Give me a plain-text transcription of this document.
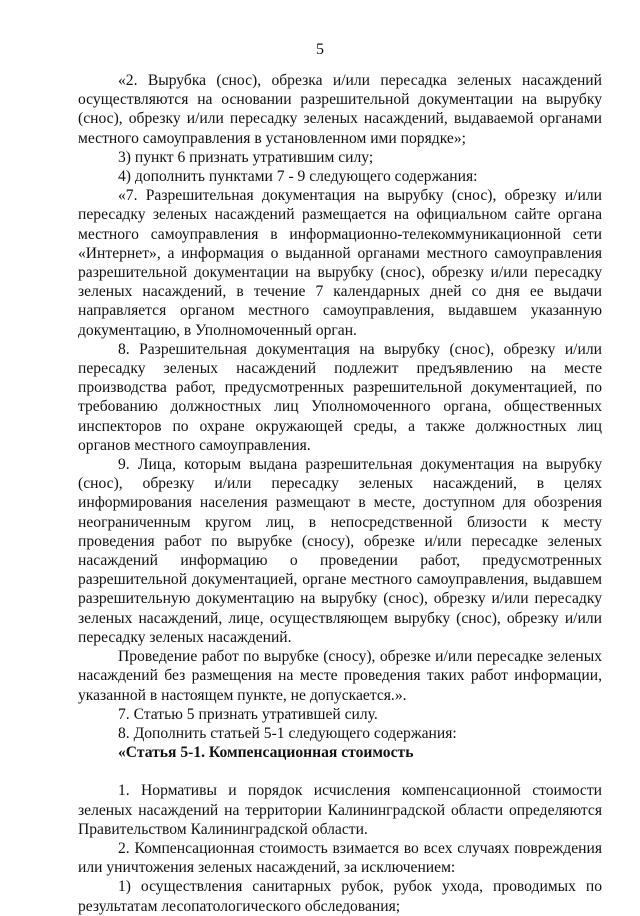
5

«2. Вырубка (снос), обрезка и/или пересадка зеленых насаждений осуществляются на основании разрешительной документации на вырубку (снос), обрезку и/или пересадку зеленых насаждений, выдаваемой органами местного самоуправления в установленном ими порядке»;

3) пункт 6 признать утратившим силу;

4) дополнить пунктами 7 - 9 следующего содержания:

«7. Разрешительная документация на вырубку (снос), обрезку и/или пересадку зеленых насаждений размещается на официальном сайте органа местного самоуправления в информационно-телекоммуникационной сети «Интернет», а информация о выданной органами местного самоуправления разрешительной документации на вырубку (снос), обрезку и/или пересадку зеленых насаждений, в течение 7 календарных дней со дня ее выдачи направляется органом местного самоуправления, выдавшем указанную документацию, в Уполномоченный орган.

8. Разрешительная документация на вырубку (снос), обрезку и/или пересадку зеленых насаждений подлежит предъявлению на месте производства работ, предусмотренных разрешительной документацией, по требованию должностных лиц Уполномоченного органа, общественных инспекторов по охране окружающей среды, а также должностных лиц органов местного самоуправления.

9. Лица, которым выдана разрешительная документация на вырубку (снос), обрезку и/или пересадку зеленых насаждений, в целях информирования населения размещают в месте, доступном для обозрения неограниченным кругом лиц, в непосредственной близости к месту проведения работ по вырубке (сносу), обрезке и/или пересадке зеленых насаждений информацию о проведении работ, предусмотренных разрешительной документацией, органе местного самоуправления, выдавшем разрешительную документацию на вырубку (снос), обрезку и/или пересадку зеленых насаждений, лице, осуществляющем вырубку (снос), обрезку и/или пересадку зеленых насаждений.

Проведение работ по вырубке (сносу), обрезке и/или пересадке зеленых насаждений без размещения на месте проведения таких работ информации, указанной в настоящем пункте, не допускается.».

7. Статью 5 признать утратившей силу.

8. Дополнить статьей 5-1 следующего содержания:

«Статья 5-1. Компенсационная стоимость

1. Нормативы и порядок исчисления компенсационной стоимости зеленых насаждений на территории Калининградской области определяются Правительством Калининградской области.

2. Компенсационная стоимость взимается во всех случаях повреждения или уничтожения зеленых насаждений, за исключением:

1) осуществления санитарных рубок, рубок ухода, проводимых по результатам лесопатологического обследования;
